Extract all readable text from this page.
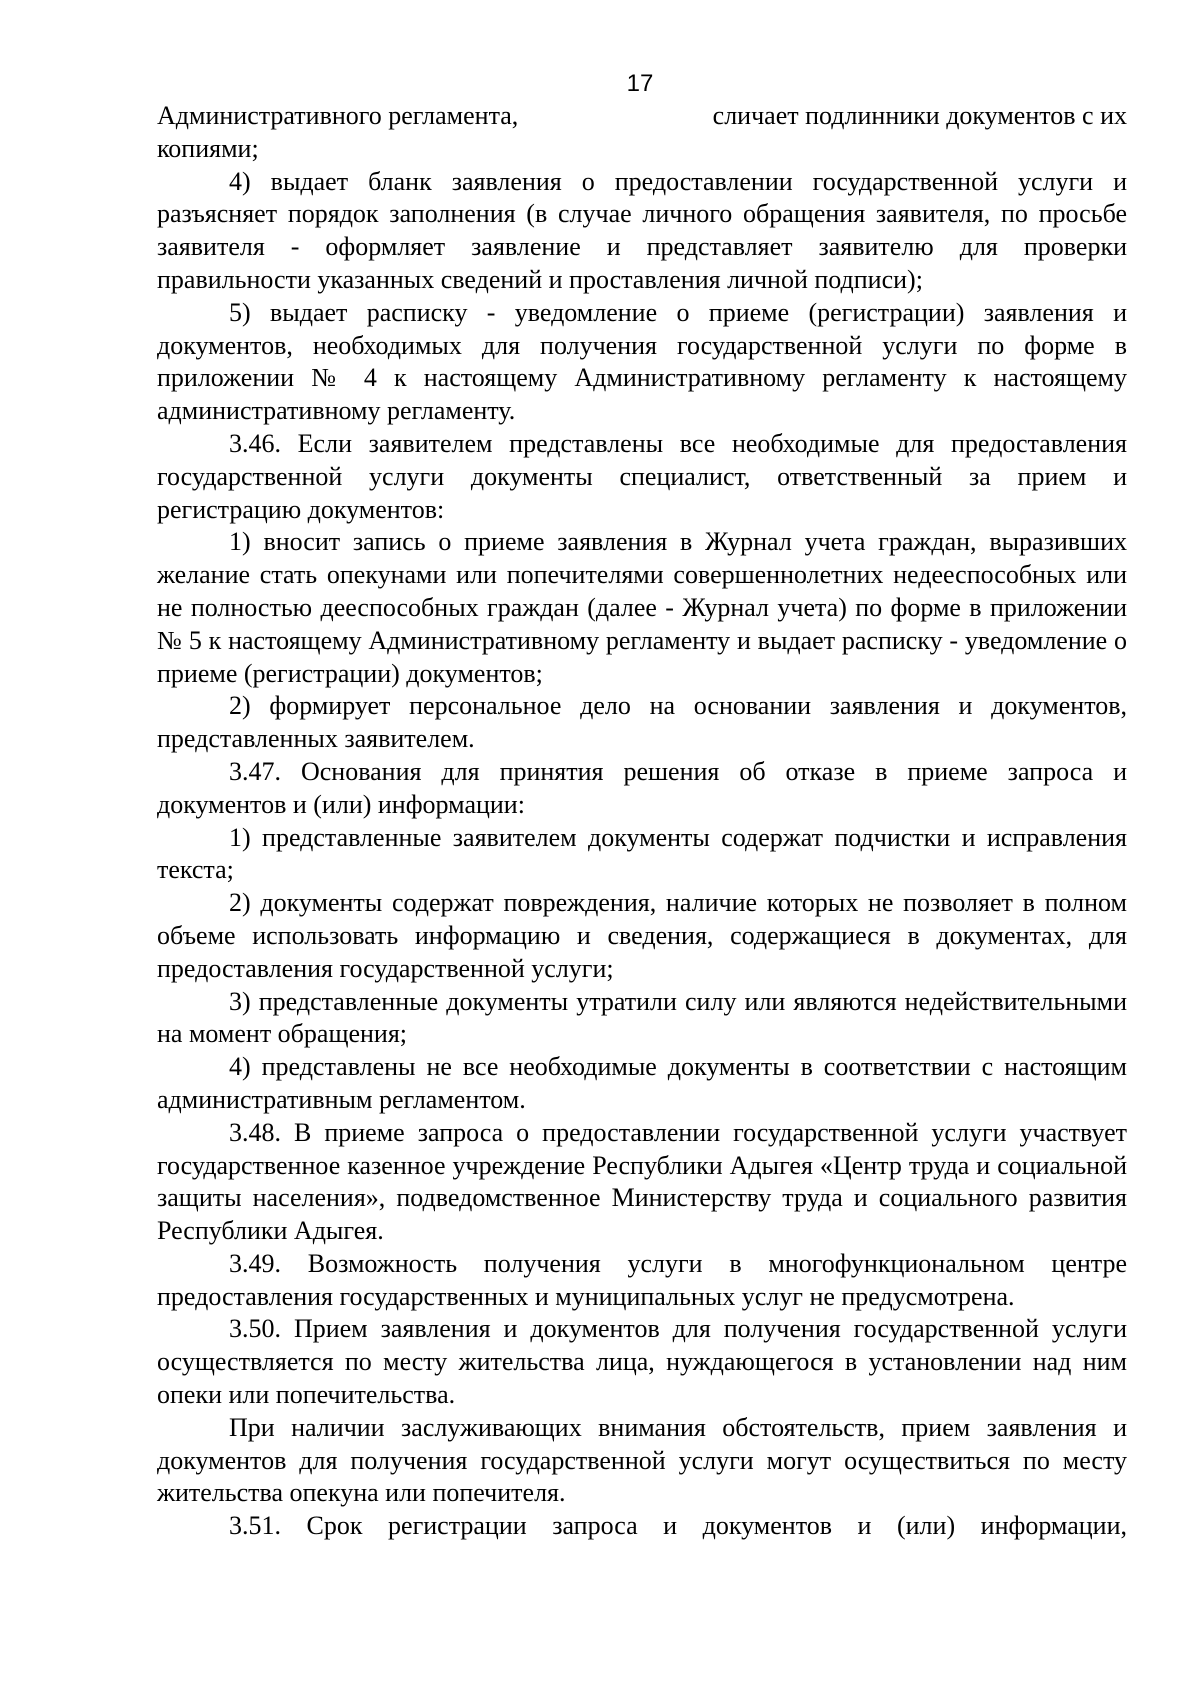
17
Административного регламента,	сличает подлинники документов с их

копиями;

4) выдает бланк заявления о предоставлении государственной услуги и разъясняет порядок заполнения (в случае личного обращения заявителя, по просьбе заявителя - оформляет заявление и представляет заявителю для проверки правильности указанных сведений и проставления личной подписи);

5) выдает расписку - уведомление о приеме (регистрации) заявления и документов, необходимых для получения государственной услуги по форме в приложении № 4 к настоящему Административному регламенту к настоящему административному регламенту.

3.46. Если заявителем представлены все необходимые для предоставления государственной услуги документы специалист, ответственный за прием и регистрацию документов:

1) вносит запись о приеме заявления в Журнал учета граждан, выразивших желание стать опекунами или попечителями совершеннолетних недееспособных или не полностью дееспособных граждан (далее - Журнал учета) по форме в приложении № 5 к настоящему Административному регламенту и выдает расписку - уведомление о приеме (регистрации) документов;

2) формирует персональное дело на основании заявления и документов, представленных заявителем.

3.47. Основания для принятия решения об отказе в приеме запроса и документов и (или) информации:

1) представленные заявителем документы содержат подчистки и исправления текста;

2) документы содержат повреждения, наличие которых не позволяет в полном объеме использовать информацию и сведения, содержащиеся в документах, для предоставления государственной услуги;

3) представленные документы утратили силу или являются недействительными на момент обращения;

4) представлены не все необходимые документы в соответствии с настоящим административным регламентом.

3.48. В приеме запроса о предоставлении государственной услуги участвует государственное казенное учреждение Республики Адыгея «Центр труда и социальной защиты населения», подведомственное Министерству труда и социального развития Республики Адыгея.

3.49. Возможность получения услуги в многофункциональном центре предоставления государственных и муниципальных услуг не предусмотрена.

3.50. Прием заявления и документов для получения государственной услуги осуществляется по месту жительства лица, нуждающегося в установлении над ним опеки или попечительства.

При наличии заслуживающих внимания обстоятельств, прием заявления и документов для получения государственной услуги могут осуществиться по месту жительства опекуна или попечителя.

3.51. Срок регистрации запроса и документов и (или) информации,
